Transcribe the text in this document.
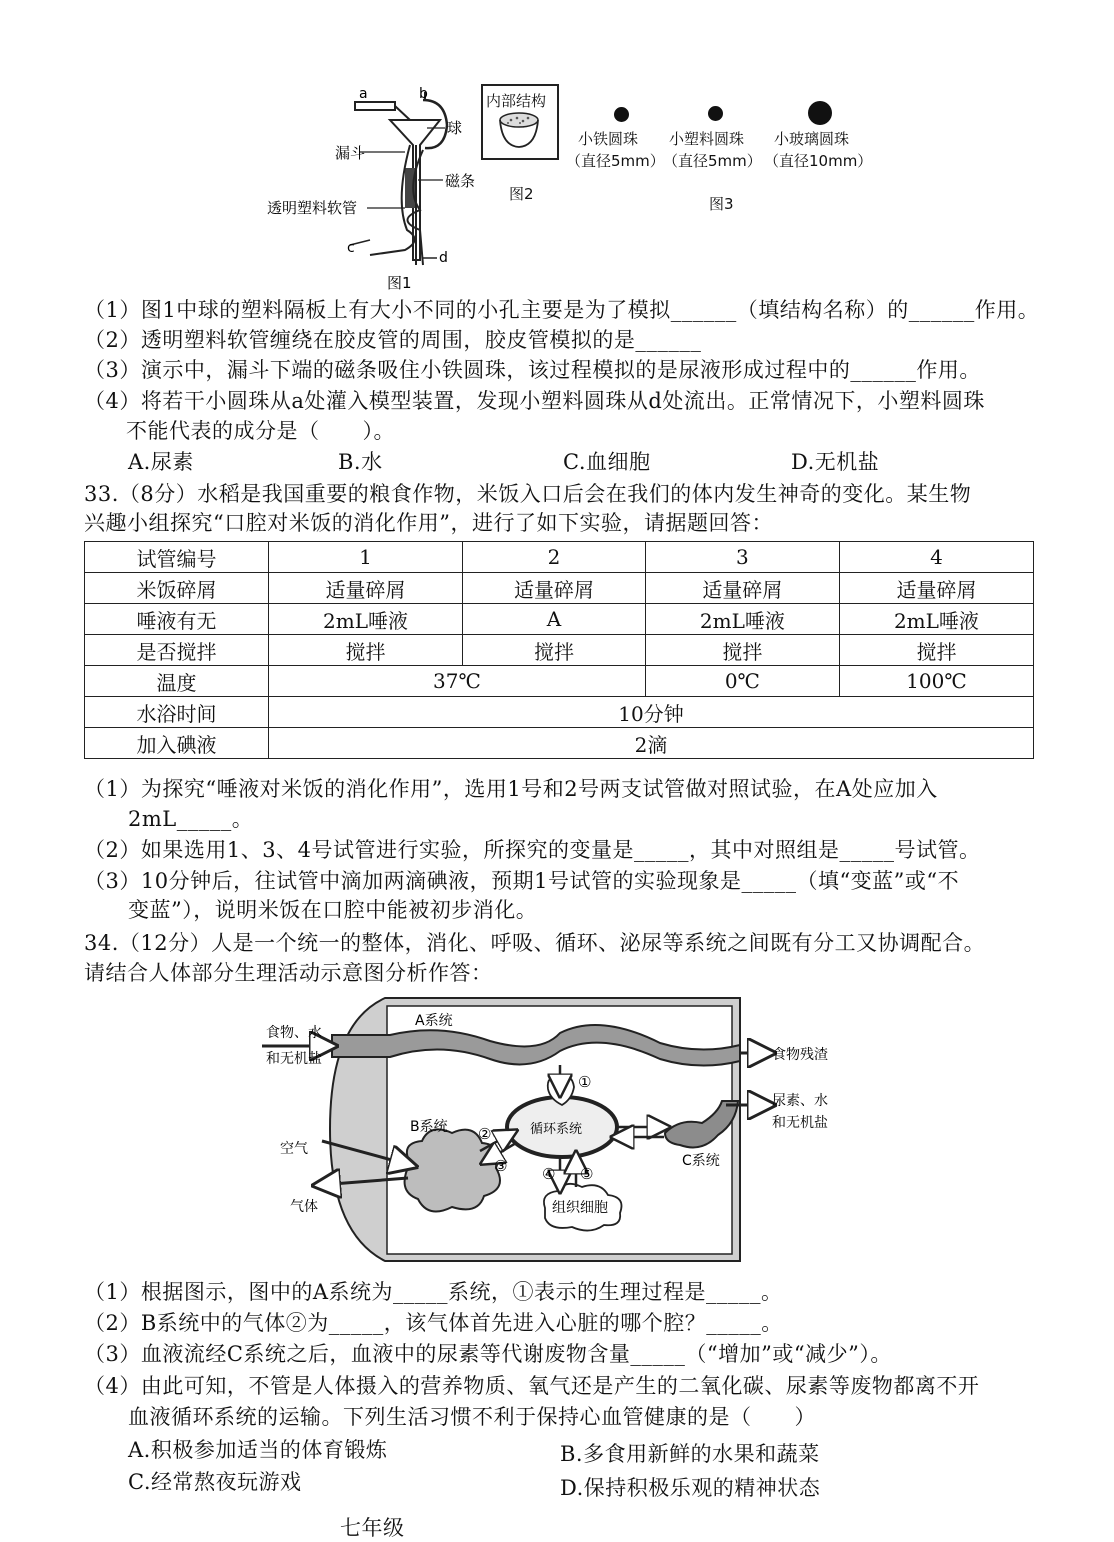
a	b
球
漏斗
磁条
透明塑料软管
c
d
图1
内部结构
图2
小铁圆珠
（直径5mm）
小塑料圆珠
（直径5mm）
小玻璃圆珠
（直径10mm）
图3
（1）图1中球的塑料隔板上有大小不同的小孔主要是为了模拟______（填结构名称）的______作用。
（2）透明塑料软管缠绕在胶皮管的周围，胶皮管模拟的是______
（3）演示中，漏斗下端的磁条吸住小铁圆珠，该过程模拟的是尿液形成过程中的______作用。
（4）将若干小圆珠从a处灌入模型装置，发现小塑料圆珠从d处流出。正常情况下，小塑料圆珠
不能代表的成分是（　　）。
A.尿素	B.水	C.血细胞	D.无机盐
33.（8分）水稻是我国重要的粮食作物，米饭入口后会在我们的体内发生神奇的变化。某生物
兴趣小组探究“口腔对米饭的消化作用”，进行了如下实验，请据题回答：
试管编号	1	2	3	4
米饭碎屑	适量碎屑	适量碎屑	适量碎屑	适量碎屑
唾液有无	2mL唾液	A	2mL唾液	2mL唾液
是否搅拌	搅拌	搅拌	搅拌	搅拌
温度	37℃		0℃	100℃
水浴时间	10分钟			
加入碘液	2滴			
（1）为探究“唾液对米饭的消化作用”，选用1号和2号两支试管做对照试验，在A处应加入
2mL_____。
（2）如果选用1、3、4号试管进行实验，所探究的变量是_____，其中对照组是_____号试管。
（3）10分钟后，往试管中滴加两滴碘液，预期1号试管的实验现象是_____（填“变蓝”或“不
变蓝”），说明米饭在口腔中能被初步消化。
34.（12分）人是一个统一的整体，消化、呼吸、循环、泌尿等系统之间既有分工又协调配合。
请结合人体部分生理活动示意图分析作答：
A系统
食物、水
和无机盐	食物残渣
尿素、水
和无机盐
B系统
空气
气体
循环系统
C系统
组织细胞
①
②
③ ④ ⑤
（1）根据图示，图中的A系统为_____系统，①表示的生理过程是_____。
（2）B系统中的气体②为_____，该气体首先进入心脏的哪个腔？_____。
（3）血液流经C系统之后，血液中的尿素等代谢废物含量_____（“增加”或“减少”）。
（4）由此可知，不管是人体摄入的营养物质、氧气还是产生的二氧化碳、尿素等废物都离不开
血液循环系统的运输。下列生活习惯不利于保持心血管健康的是（　　）
A.积极参加适当的体育锻炼	B.多食用新鲜的水果和蔬菜
C.经常熬夜玩游戏	D.保持积极乐观的精神状态
七年级
